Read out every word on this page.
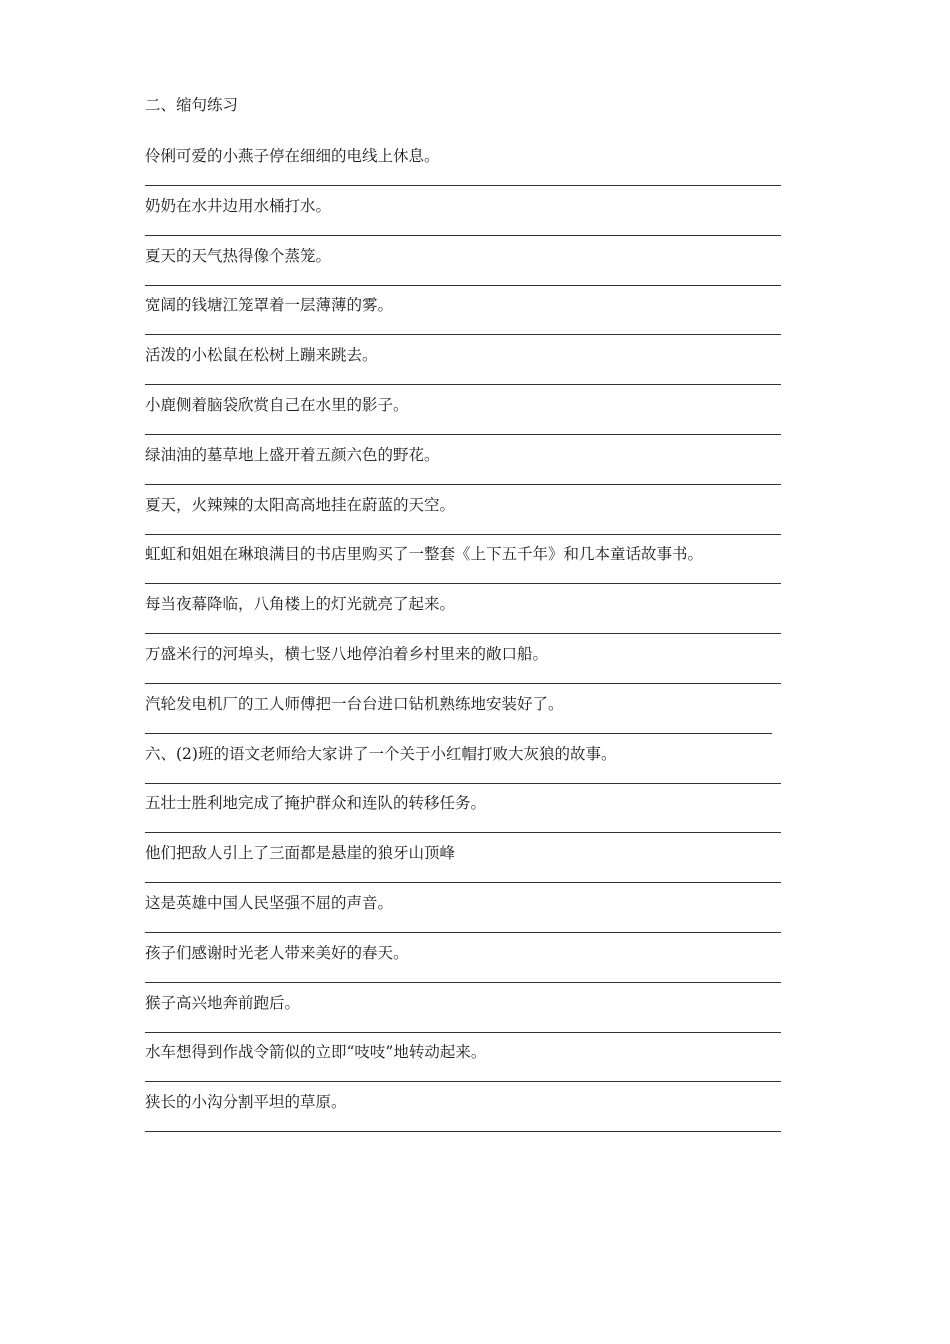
二、缩句练习
伶俐可爱的小燕子停在细细的电线上休息。
奶奶在水井边用水桶打水。
夏天的天气热得像个蒸笼。
宽阔的钱塘江笼罩着一层薄薄的雾。
活泼的小松鼠在松树上蹦来跳去。
小鹿侧着脑袋欣赏自己在水里的影子。
绿油油的墓草地上盛开着五颜六色的野花。
夏天，火辣辣的太阳高高地挂在蔚蓝的天空。
虹虹和姐姐在琳琅满目的书店里购买了一整套《上下五千年》和几本童话故事书。
每当夜幕降临，八角楼上的灯光就亮了起来。
万盛米行的河埠头，横七竖八地停泊着乡村里来的敞口船。
汽轮发电机厂的工人师傅把一台台进口钻机熟练地安装好了。
六、(2)班的语文老师给大家讲了一个关于小红帽打败大灰狼的故事。
五壮士胜利地完成了掩护群众和连队的转移任务。
他们把敌人引上了三面都是悬崖的狼牙山顶峰
这是英雄中国人民坚强不屈的声音。
孩子们感谢时光老人带来美好的春天。
猴子高兴地奔前跑后。
水车想得到作战令箭似的立即“吱吱”地转动起来。
狭长的小沟分割平坦的草原。
